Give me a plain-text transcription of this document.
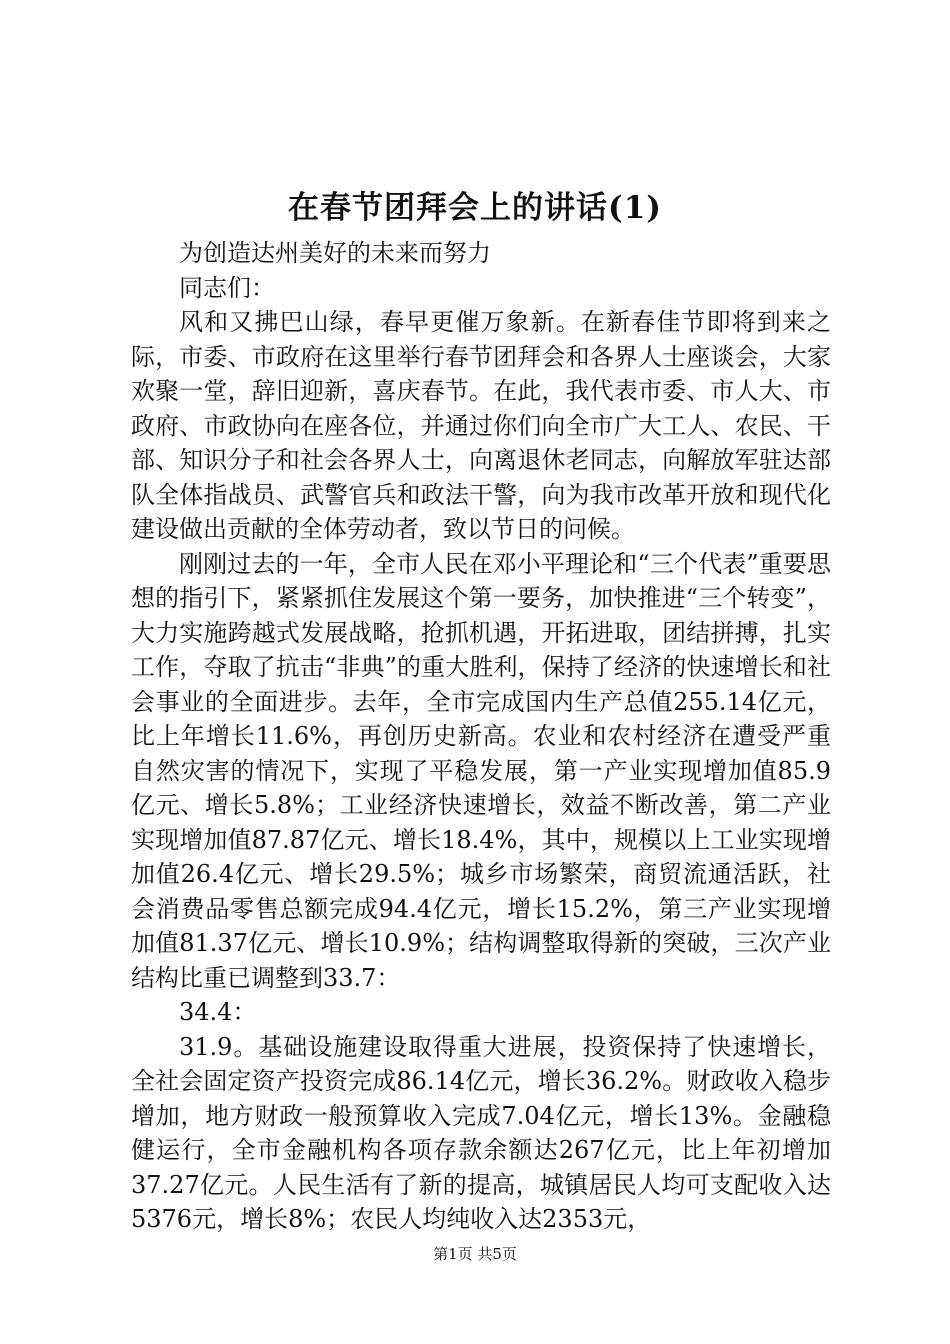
在春节团拜会上的讲话(1)

为创造达州美好的未来而努力

同志们：

风和又拂巴山绿，春早更催万象新。在新春佳节即将到来之际，市委、市政府在这里举行春节团拜会和各界人士座谈会，大家欢聚一堂，辞旧迎新，喜庆春节。在此，我代表市委、市人大、市政府、市政协向在座各位，并通过你们向全市广大工人、农民、干部、知识分子和社会各界人士，向离退休老同志，向解放军驻达部队全体指战员、武警官兵和政法干警，向为我市改革开放和现代化建设做出贡献的全体劳动者，致以节日的问候。

刚刚过去的一年，全市人民在邓小平理论和“三个代表”重要思想的指引下，紧紧抓住发展这个第一要务，加快推进“三个转变”，大力实施跨越式发展战略，抢抓机遇，开拓进取，团结拼搏，扎实工作，夺取了抗击“非典”的重大胜利，保持了经济的快速增长和社会事业的全面进步。去年，全市完成国内生产总值255.14亿元，比上年增长11.6%，再创历史新高。农业和农村经济在遭受严重自然灾害的情况下，实现了平稳发展，第一产业实现增加值85.9亿元、增长5.8%；工业经济快速增长，效益不断改善，第二产业实现增加值87.87亿元、增长18.4%，其中，规模以上工业实现增加值26.4亿元、增长29.5%；城乡市场繁荣，商贸流通活跃，社会消费品零售总额完成94.4亿元，增长15.2%，第三产业实现增加值81.37亿元、增长10.9%；结构调整取得新的突破，三次产业结构比重已调整到33.7：

34.4：

31.9。基础设施建设取得重大进展，投资保持了快速增长，全社会固定资产投资完成86.14亿元，增长36.2%。财政收入稳步增加，地方财政一般预算收入完成7.04亿元，增长13%。金融稳健运行，全市金融机构各项存款余额达267亿元，比上年初增加37.27亿元。人民生活有了新的提高，城镇居民人均可支配收入达5376元，增长8%；农民人均纯收入达2353元，

第1页 共5页
